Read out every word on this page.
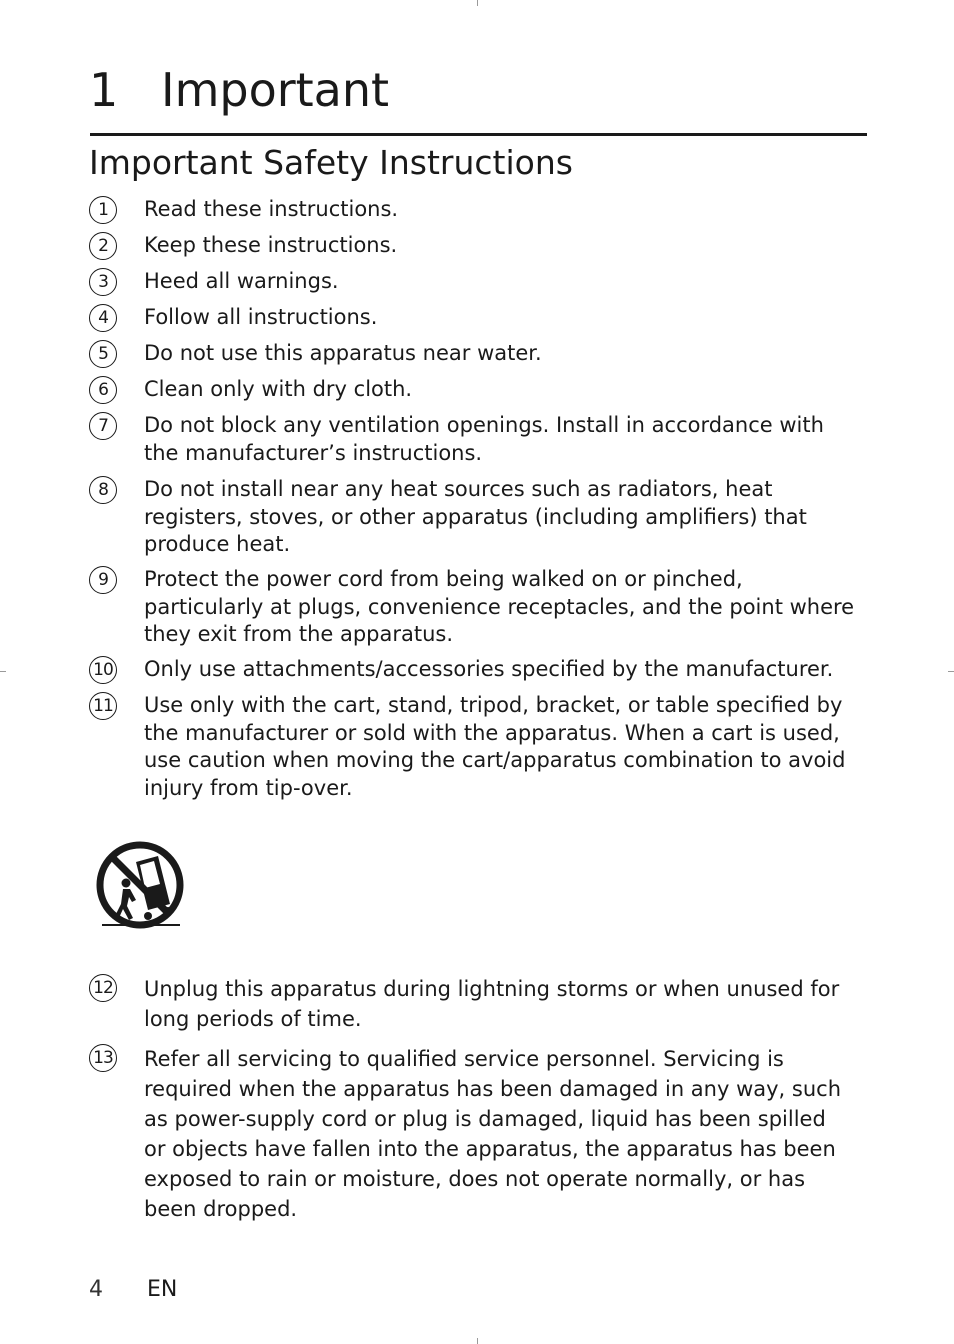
1 Important
Important Safety Instructions
1	Read these instructions.
2	Keep these instructions.
3	Heed all warnings.
4	Follow all instructions.
5	Do not use this apparatus near water.
6	Clean only with dry cloth.
7	Do not block any ventilation openings. Install in accordance with the manufacturer’s instructions.
8	Do not install near any heat sources such as radiators, heat registers, stoves, or other apparatus (including amplifiers) that produce heat.
9	Protect the power cord from being walked on or pinched, particularly at plugs, convenience receptacles, and the point where they exit from the apparatus.
10 Only use attachments/accessories specified by the manufacturer.
11 Use only with the cart, stand, tripod, bracket, or table specified by the manufacturer or sold with the apparatus. When a cart is used, use caution when moving the cart/apparatus combination to avoid injury from tip-over.
12 Unplug this apparatus during lightning storms or when unused for long periods of time.
13 Refer all servicing to qualified service personnel. Servicing is required when the apparatus has been damaged in any way, such as power-supply cord or plug is damaged, liquid has been spilled or objects have fallen into the apparatus, the apparatus has been exposed to rain or moisture, does not operate normally, or has been dropped.
4 EN
